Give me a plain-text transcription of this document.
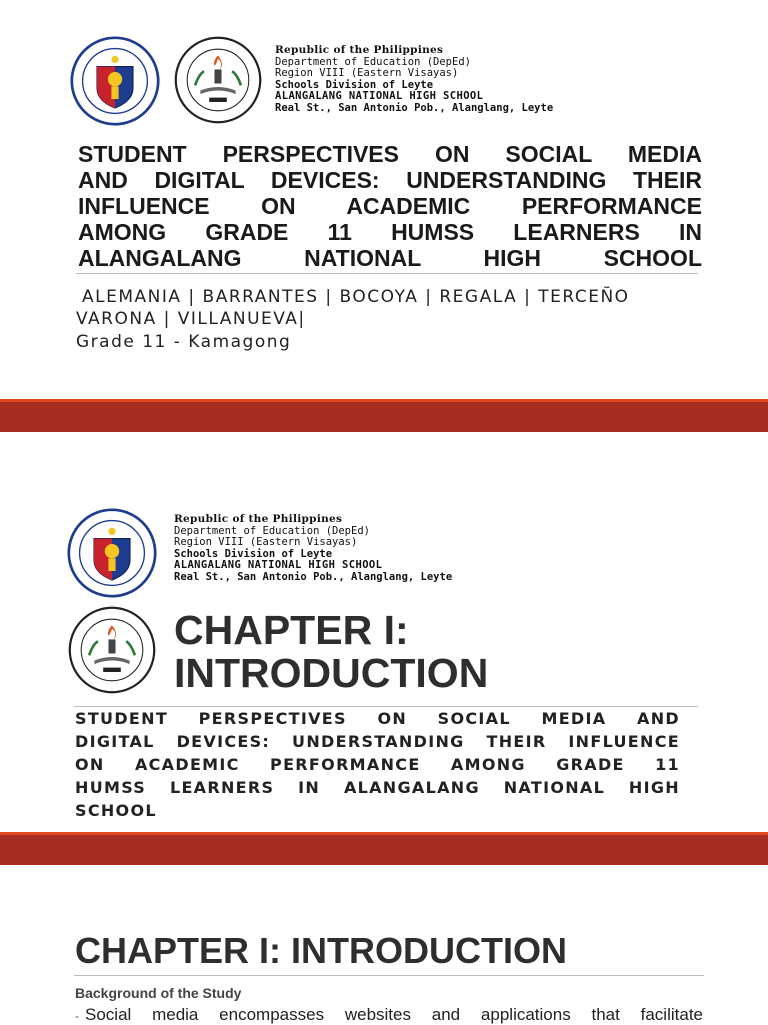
Republic of the Philippines
Department of Education (DepEd)
Region VIII (Eastern Visayas)
Schools Division of Leyte
ALANGALANG NATIONAL HIGH SCHOOL
Real St., San Antonio Pob., Alanglang, Leyte
STUDENT PERSPECTIVES ON SOCIAL MEDIA
AND DIGITAL DEVICES: UNDERSTANDING THEIR
INFLUENCE ON ACADEMIC PERFORMANCE
AMONG GRADE 11 HUMSS LEARNERS IN
ALANGALANG NATIONAL HIGH SCHOOL
ALEMANIA | BARRANTES | BOCOYA | REGALA | TERCEÑO
VARONA | VILLANUEVA|
Grade 11 - Kamagong
Republic of the Philippines
Department of Education (DepEd)
Region VIII (Eastern Visayas)
Schools Division of Leyte
ALANGALANG NATIONAL HIGH SCHOOL
Real St., San Antonio Pob., Alanglang, Leyte
CHAPTER I:
INTRODUCTION
STUDENT PERSPECTIVES ON SOCIAL MEDIA AND
DIGITAL DEVICES: UNDERSTANDING THEIR INFLUENCE
ON ACADEMIC PERFORMANCE AMONG GRADE 11
HUMSS LEARNERS IN ALANGALANG NATIONAL HIGH
SCHOOL
CHAPTER I: INTRODUCTION
Background of the Study
- Social media encompasses websites and applications that facilitate
